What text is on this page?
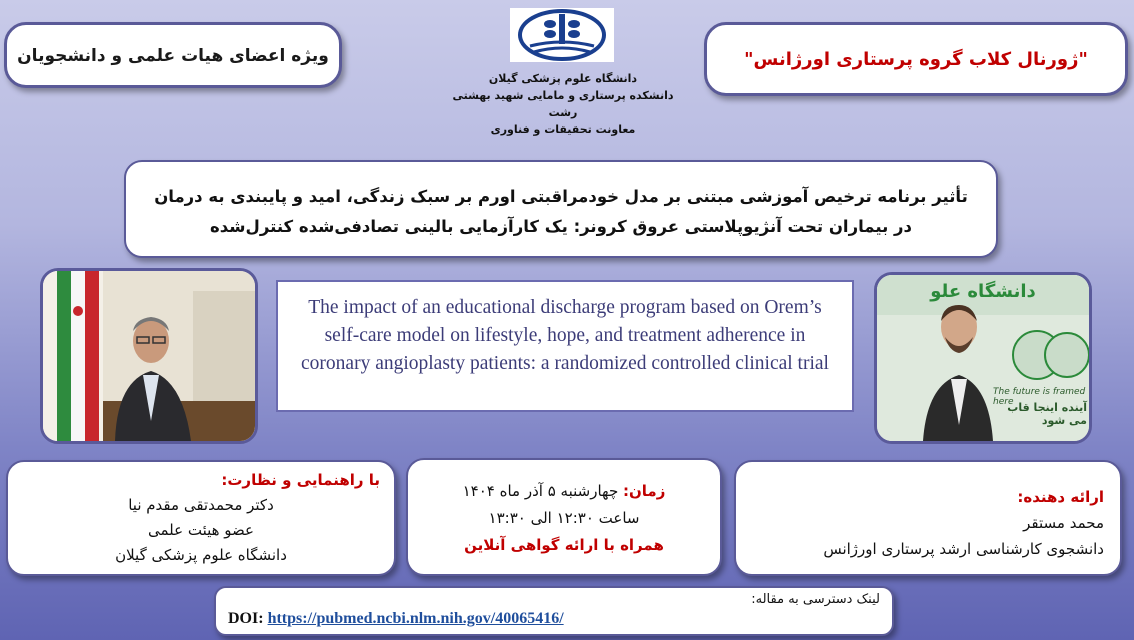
ویژه اعضای هیات علمی و دانشجویان	"ژورنال کلاب گروه پرستاری اورژانس"
دانشگاه علوم پزشکی گیلان
دانشکده پرستاری و مامایی شهید بهشتی رشت
معاونت تحقیقات و فناوری
تأثیر برنامه ترخیص آموزشی مبتنی بر مدل خودمراقبتی اورم بر سبک زندگی، امید و پایبندی به درمان
در بیماران تحت آنژیوپلاستی عروق کرونر: یک کارآزمایی بالینی تصادفی‌شده کنترل‌شده
The impact of an educational discharge program based on Orem’s self-care model on lifestyle, hope, and treatment adherence in coronary angioplasty patients: a randomized controlled clinical trial
دانشگاه علو
The future is framed here
آینده اینجا قاب می شود
با راهنمایی و نظارت:
دکتر محمدتقی مقدم نیا
عضو هیئت علمی
دانشگاه علوم پزشکی گیلان
زمان: چهارشنبه ۵ آذر ماه ۱۴۰۴
ساعت ۱۲:۳۰ الی ۱۳:۳۰
همراه با ارائه گواهی آنلاین
ارائه دهنده:
محمد مستقر
دانشجوی کارشناسی ارشد پرستاری اورژانس
لینک دسترسی به مقاله:
DOI: https://pubmed.ncbi.nlm.nih.gov/40065416/
